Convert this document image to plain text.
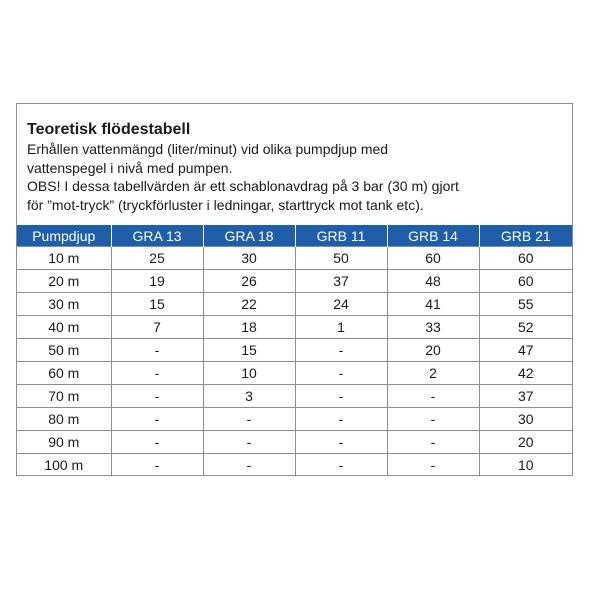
Teoretisk flödestabell

Erhållen vattenmängd (liter/minut) vid olika pumpdjup med

vattenspegel i nivå med pumpen.

OBS! I dessa tabellvärden är ett schablonavdrag på 3 bar (30 m) gjort

för ”mot-tryck” (tryckförluster i ledningar, starttryck mot tank etc).

Pumpdjup	GRA 13	GRA 18	GRB 11	GRB 14	GRB 21
10 m	25	30	50	60	60
20 m	19	26	37	48	60
30 m	15	22	24	41	55
40 m	7	18	1	33	52
50 m	-	15	-	20	47
60 m	-	10	-	2	42
70 m	-	3	-	-	37
80 m	-	-	-	-	30
90 m	-	-	-	-	20
100 m	-	-	-	-	10
